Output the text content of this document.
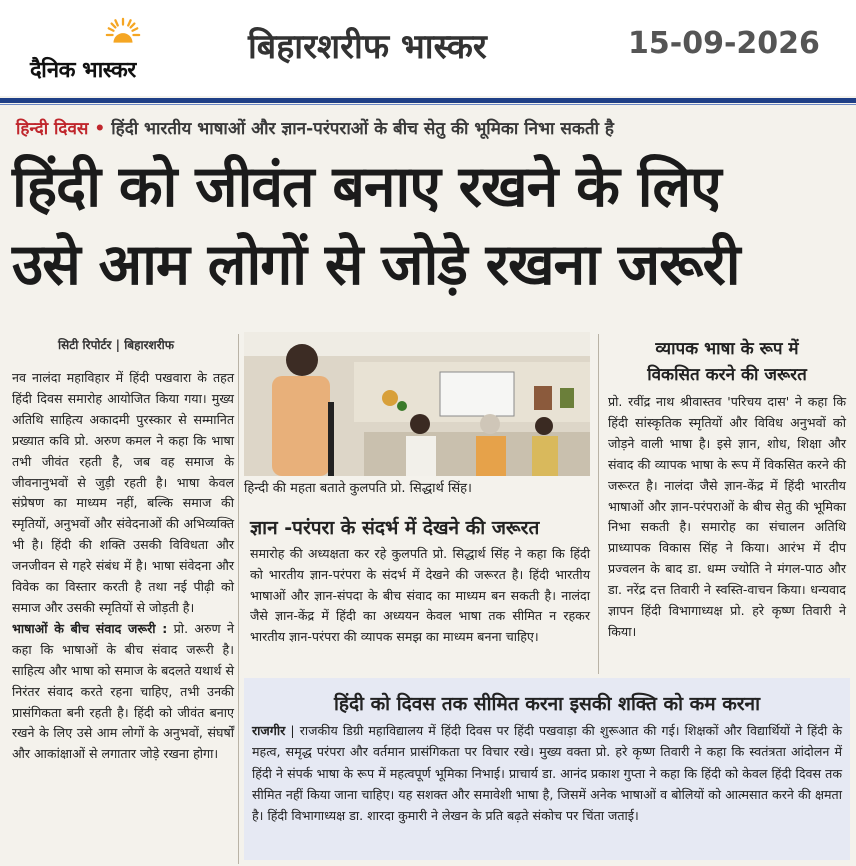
दैनिक भास्कर
बिहारशरीफ भास्कर	15-09-2026
हिन्दी दिवस • हिंदी भारतीय भाषाओं और ज्ञान-परंपराओं के बीच सेतु की भूमिका निभा सकती है
हिंदी को जीवंत बनाए रखने के लिए
उसे आम लोगों से जोड़े रखना जरूरी
सिटी रिपोर्टर | बिहारशरीफ
नव नालंदा महाविहार में हिंदी पखवारा के तहत हिंदी दिवस समारोह आयोजित किया गया। मुख्य अतिथि साहित्य अकादमी पुरस्कार से सम्मानित प्रख्यात कवि प्रो. अरुण कमल ने कहा कि भाषा तभी जीवंत रहती है, जब वह समाज के जीवनानुभवों से जुड़ी रहती है। भाषा केवल संप्रेषण का माध्यम नहीं, बल्कि समाज की स्मृतियों, अनुभवों और संवेदनाओं की अभिव्यक्ति भी है। हिंदी की शक्ति उसकी विविधता और जनजीवन से गहरे संबंध में है। भाषा संवेदना और विवेक का विस्तार करती है तथा नई पीढ़ी को समाज और उसकी स्मृतियों से जोड़ती है।
भाषाओं के बीच संवाद जरूरी : प्रो. अरुण ने कहा कि भाषाओं के बीच संवाद जरूरी है। साहित्य और भाषा को समाज के बदलते यथार्थ से निरंतर संवाद करते रहना चाहिए, तभी उनकी प्रासंगिकता बनी रहती है। हिंदी को जीवंत बनाए रखने के लिए उसे आम लोगों के अनुभवों, संघर्षों और आकांक्षाओं से लगातार जोड़े रखना होगा।
हिन्दी की महता बताते कुलपति प्रो. सिद्धार्थ सिंह।
ज्ञान -परंपरा के संदर्भ में देखने की जरूरत
समारोह की अध्यक्षता कर रहे कुलपति प्रो. सिद्धार्थ सिंह ने कहा कि हिंदी को भारतीय ज्ञान-परंपरा के संदर्भ में देखने की जरूरत है। हिंदी भारतीय भाषाओं और ज्ञान-संपदा के बीच संवाद का माध्यम बन सकती है। नालंदा जैसे ज्ञान-केंद्र में हिंदी का अध्ययन केवल भाषा तक सीमित न रहकर भारतीय ज्ञान-परंपरा की व्यापक समझ का माध्यम बनना चाहिए।
व्यापक भाषा के रूप में
विकसित करने की जरूरत
प्रो. रवींद्र नाथ श्रीवास्तव 'परिचय दास' ने कहा कि हिंदी सांस्कृतिक स्मृतियों और विविध अनुभवों को जोड़ने वाली भाषा है। इसे ज्ञान, शोध, शिक्षा और संवाद की व्यापक भाषा के रूप में विकसित करने की जरूरत है। नालंदा जैसे ज्ञान-केंद्र में हिंदी भारतीय भाषाओं और ज्ञान-परंपराओं के बीच सेतु की भूमिका निभा सकती है। समारोह का संचालन अतिथि प्राध्यापक विकास सिंह ने किया। आरंभ में दीप प्रज्वलन के बाद डा. धम्म ज्योति ने मंगल-पाठ और डा. नरेंद्र दत्त तिवारी ने स्वस्ति-वाचन किया। धन्यवाद ज्ञापन हिंदी विभागाध्यक्ष प्रो. हरे कृष्ण तिवारी ने किया।
हिंदी को दिवस तक सीमित करना इसकी शक्ति को कम करना
राजगीर | राजकीय डिग्री महाविद्यालय में हिंदी दिवस पर हिंदी पखवाड़ा की शुरूआत की गई। शिक्षकों और विद्यार्थियों ने हिंदी के महत्व, समृद्ध परंपरा और वर्तमान प्रासंगिकता पर विचार रखे। मुख्य वक्ता प्रो. हरे कृष्ण तिवारी ने कहा कि स्वतंत्रता आंदोलन में हिंदी ने संपर्क भाषा के रूप में महत्वपूर्ण भूमिका निभाई। प्राचार्य डा. आनंद प्रकाश गुप्ता ने कहा कि हिंदी को केवल हिंदी दिवस तक सीमित नहीं किया जाना चाहिए। यह सशक्त और समावेशी भाषा है, जिसमें अनेक भाषाओं व बोलियों को आत्मसात करने की क्षमता है। हिंदी विभागाध्यक्ष डा. शारदा कुमारी ने लेखन के प्रति बढ़ते संकोच पर चिंता जताई।
